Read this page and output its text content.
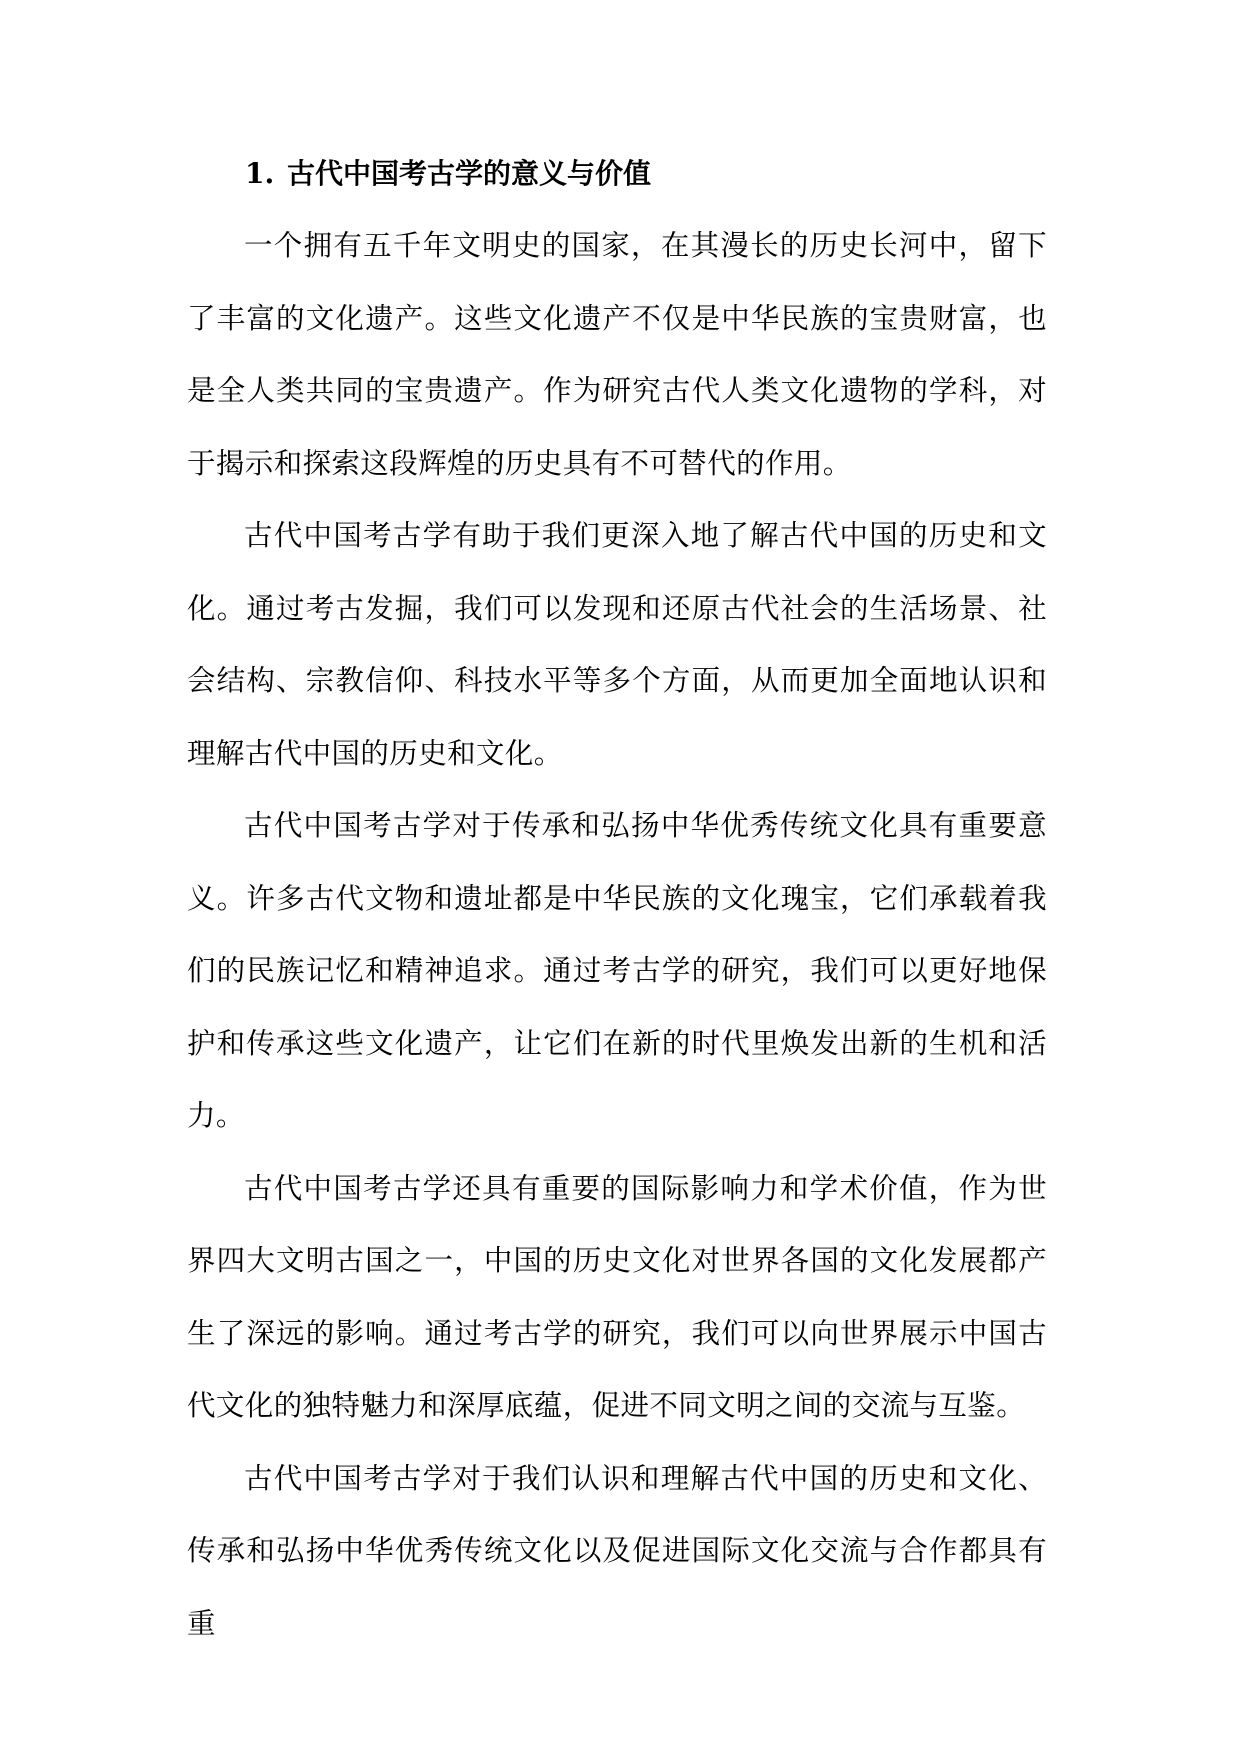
1. 古代中国考古学的意义与价值

一个拥有五千年文明史的国家，在其漫长的历史长河中，留下了丰富的文化遗产。这些文化遗产不仅是中华民族的宝贵财富，也是全人类共同的宝贵遗产。作为研究古代人类文化遗物的学科，对于揭示和探索这段辉煌的历史具有不可替代的作用。

古代中国考古学有助于我们更深入地了解古代中国的历史和文化。通过考古发掘，我们可以发现和还原古代社会的生活场景、社会结构、宗教信仰、科技水平等多个方面，从而更加全面地认识和理解古代中国的历史和文化。

古代中国考古学对于传承和弘扬中华优秀传统文化具有重要意义。许多古代文物和遗址都是中华民族的文化瑰宝，它们承载着我们的民族记忆和精神追求。通过考古学的研究，我们可以更好地保护和传承这些文化遗产，让它们在新的时代里焕发出新的生机和活力。

古代中国考古学还具有重要的国际影响力和学术价值，作为世界四大文明古国之一，中国的历史文化对世界各国的文化发展都产生了深远的影响。通过考古学的研究，我们可以向世界展示中国古代文化的独特魅力和深厚底蕴，促进不同文明之间的交流与互鉴。

古代中国考古学对于我们认识和理解古代中国的历史和文化、传承和弘扬中华优秀传统文化以及促进国际文化交流与合作都具有重
